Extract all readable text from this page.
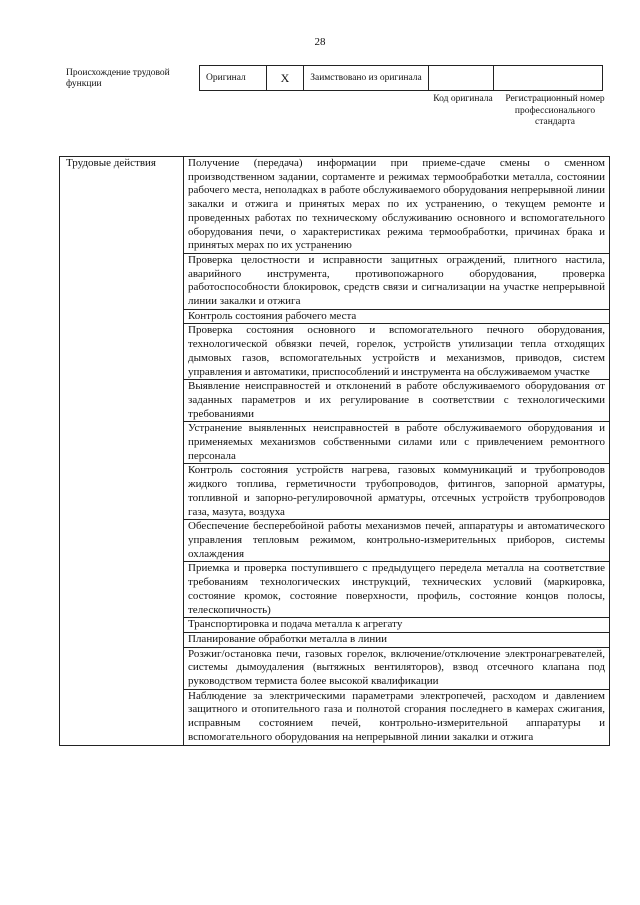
28
Происхождение трудовой функции
Оригинал	X	Заимствовано из оригинала		
Код оригинала	Регистрационный номер профессионального стандарта
Трудовые действия	Получение (передача) информации при приеме-сдаче смены о сменном производственном задании, сортаменте и режимах термообработки металла, состоянии рабочего места, неполадках в работе обслуживаемого оборудования непрерывной линии закалки и отжига и принятых мерах по их устранению, о текущем ремонте и проведенных работах по техническому обслуживанию основного и вспомогательного оборудования печи, о характеристиках режима термообработки, причинах брака и принятых мерах по их устранению
Проверка целостности и исправности защитных ограждений, плитного настила, аварийного инструмента, противопожарного оборудования, проверка работоспособности блокировок, средств связи и сигнализации на участке непрерывной линии закалки и отжига
Контроль состояния рабочего места
Проверка состояния основного и вспомогательного печного оборудования, технологической обвязки печей, горелок, устройств утилизации тепла отходящих дымовых газов, вспомогательных устройств и механизмов, приводов, систем управления и автоматики, приспособлений и инструмента на обслуживаемом участке
Выявление неисправностей и отклонений в работе обслуживаемого оборудования от заданных параметров и их регулирование в соответствии с технологическими требованиями
Устранение выявленных неисправностей в работе обслуживаемого оборудования и применяемых механизмов собственными силами или с привлечением ремонтного персонала
Контроль состояния устройств нагрева, газовых коммуникаций и трубопроводов жидкого топлива, герметичности трубопроводов, фитингов, запорной арматуры, топливной и запорно-регулировочной арматуры, отсечных устройств трубопроводов газа, мазута, воздуха
Обеспечение бесперебойной работы механизмов печей, аппаратуры и автоматического управления тепловым режимом, контрольно-измерительных приборов, системы охлаждения
Приемка и проверка поступившего с предыдущего передела металла на соответствие требованиям технологических инструкций, технических условий (маркировка, состояние кромок, состояние поверхности, профиль, состояние концов полосы, телескопичность)
Транспортировка и подача металла к агрегату
Планирование обработки металла в линии
Розжиг/остановка печи, газовых горелок, включение/отключение электронагревателей, системы дымоудаления (вытяжных вентиляторов), взвод отсечного клапана под руководством термиста более высокой квалификации
Наблюдение за электрическими параметрами электропечей, расходом и давлением защитного и отопительного газа и полнотой сгорания последнего в камерах сжигания, исправным состоянием печей, контрольно-измерительной аппаратуры и вспомогательного оборудования на непрерывной линии закалки и отжига
